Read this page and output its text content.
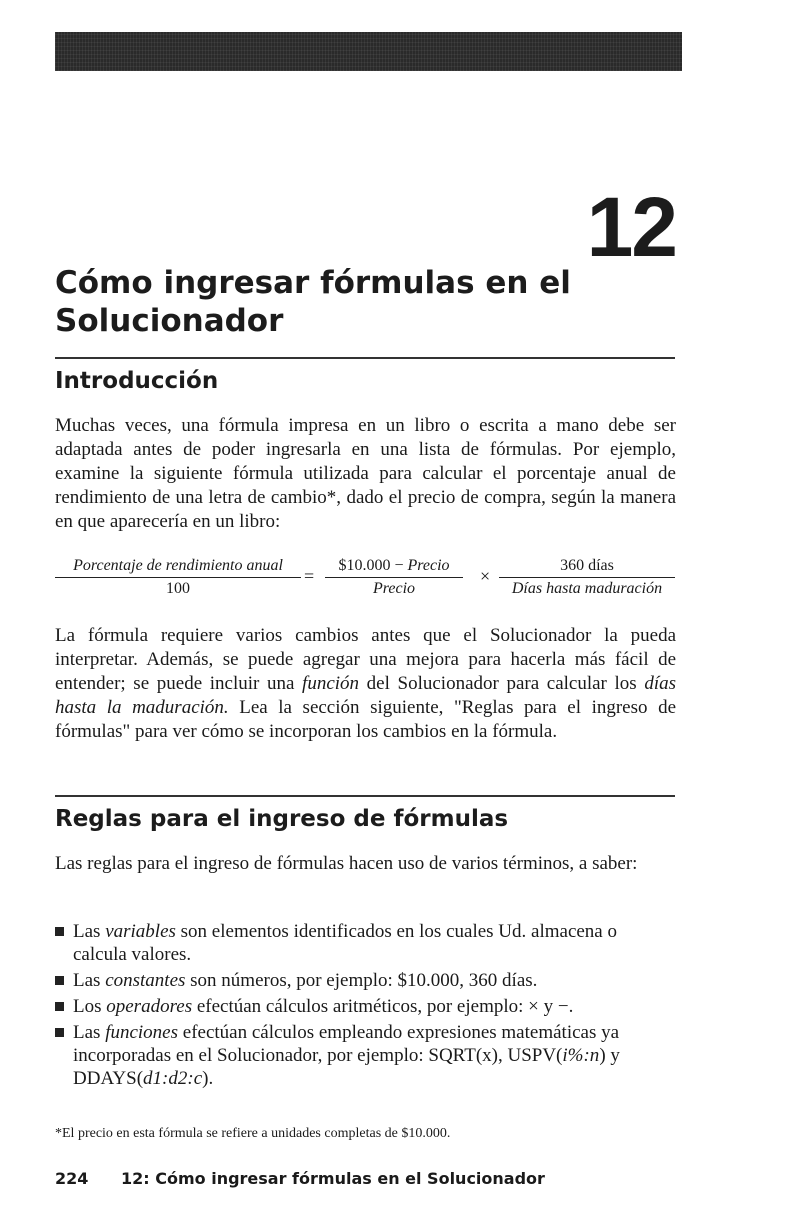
12
Cómo ingresar fórmulas en el
Solucionador
Introducción

Muchas veces, una fórmula impresa en un libro o escrita a mano debe ser adaptada antes de poder ingresarla en una lista de fórmulas. Por ejemplo, examine la siguiente fórmula utilizada para calcular el porcentaje anual de rendimiento de una letra de cambio*, dado el precio de compra, según la manera en que aparecería en un libro:

Porcentaje de rendimiento anual
100
=
$10.000 − Precio
Precio
×
360 días
Días hasta maduración

La fórmula requiere varios cambios antes que el Solucionador la pueda interpretar. Además, se puede agregar una mejora para hacerla más fácil de entender; se puede incluir una función del Solucionador para calcular los días hasta la maduración. Lea la sección siguiente, "Reglas para el ingreso de fórmulas" para ver cómo se incorporan los cambios en la fórmula.

Reglas para el ingreso de fórmulas

Las reglas para el ingreso de fórmulas hacen uso de varios términos, a saber:

Las variables son elementos identificados en los cuales Ud. almacena o calcula valores.
Las constantes son números, por ejemplo: $10.000, 360 días.
Los operadores efectúan cálculos aritméticos, por ejemplo: × y −.
Las funciones efectúan cálculos empleando expresiones matemáticas ya incorporadas en el Solucionador, por ejemplo: SQRT(x), USPV(i%:n) y DDAYS(d1:d2:c).
*El precio en esta fórmula se refiere a unidades completas de $10.000.
224 12: Cómo ingresar fórmulas en el Solucionador
